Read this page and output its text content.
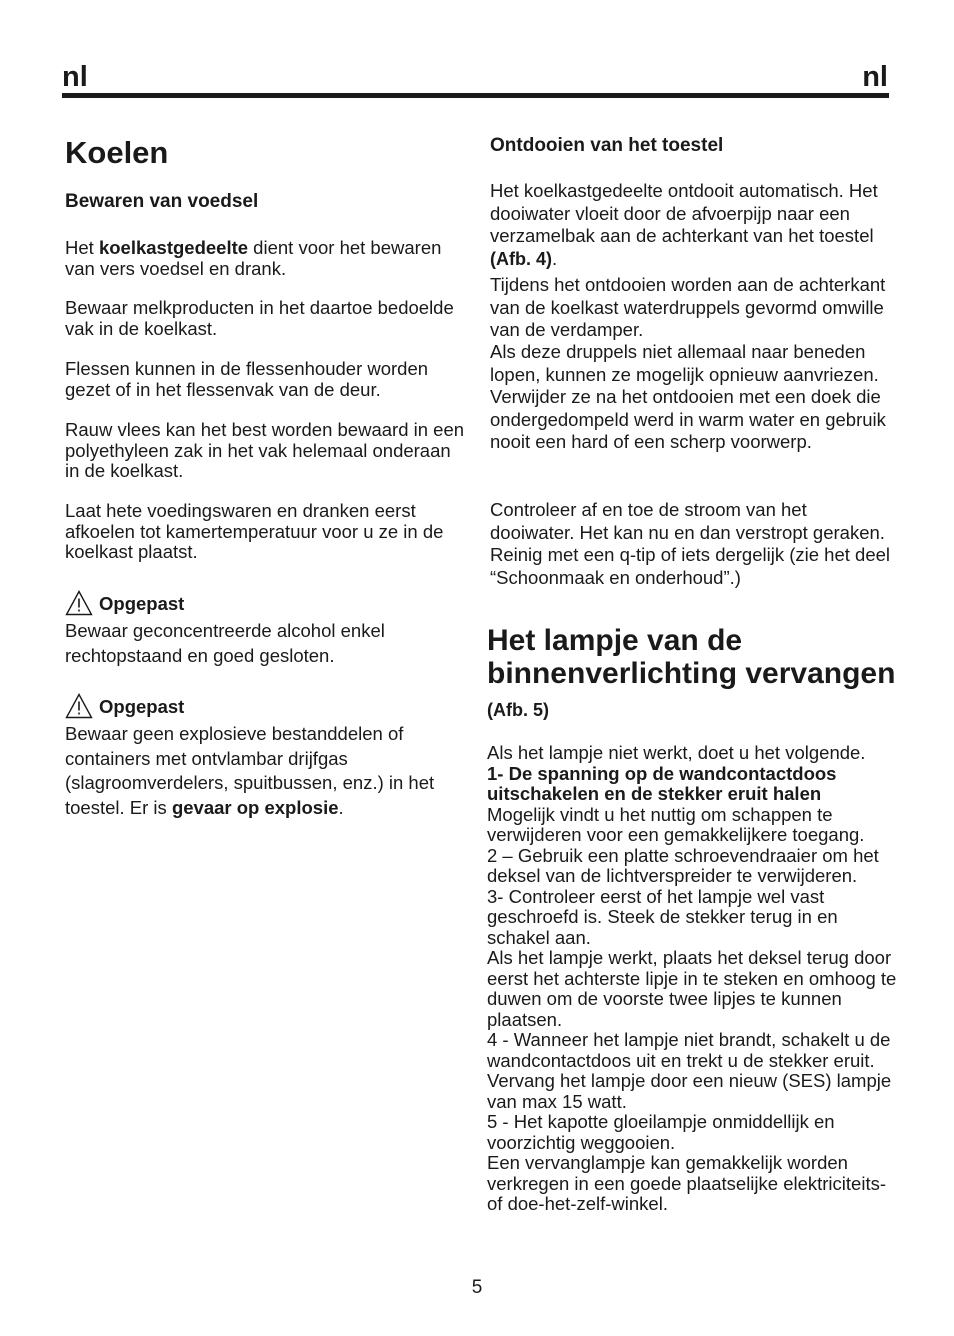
nl	nl
Koelen
Bewaren van voedsel
Het koelkastgedeelte dient voor het bewaren van vers voedsel en drank.
Bewaar melkproducten in het daartoe bedoelde vak in de koelkast.
Flessen kunnen in de flessenhouder worden gezet of in het flessenvak van de deur.
Rauw vlees kan het best worden bewaard in een polyethyleen zak in het vak helemaal onderaan in de koelkast.
Laat hete voedingswaren en dranken eerst afkoelen tot kamertemperatuur voor u ze in de koelkast plaatst.
Opgepast
Bewaar geconcentreerde alcohol enkel rechtopstaand en goed gesloten.
Opgepast
Bewaar geen explosieve bestanddelen of containers met ontvlambar drijfgas (slagroomverdelers, spuitbussen, enz.) in het toestel. Er is gevaar op explosie.
Ontdooien van het toestel
Het koelkastgedeelte ontdooit automatisch. Het dooiwater vloeit door de afvoerpijp naar een verzamelbak aan de achterkant van het toestel (Afb. 4).
Tijdens het ontdooien worden aan de achterkant van de koelkast waterdruppels gevormd omwille van de verdamper.
Als deze druppels niet allemaal naar beneden lopen, kunnen ze mogelijk opnieuw aanvriezen. Verwijder ze na het ontdooien met een doek die ondergedompeld werd in warm water en gebruik nooit een hard of een scherp voorwerp.
Controleer af en toe de stroom van het dooiwater. Het kan nu en dan verstropt geraken. Reinig met een q-tip of iets dergelijk (zie het deel “Schoonmaak en onderhoud”.)
Het lampje van de binnenverlichting vervangen (Afb. 5)
Als het lampje niet werkt, doet u het volgende.
1- De spanning op de wandcontactdoos uitschakelen en de stekker eruit halen
Mogelijk vindt u het nuttig om schappen te verwijderen voor een gemakkelijkere toegang.
2 – Gebruik een platte schroevendraaier om het deksel van de lichtverspreider te verwijderen.
3- Controleer eerst of het lampje wel vast geschroefd is. Steek de stekker terug in en schakel aan.
Als het lampje werkt, plaats het deksel terug door eerst het achterste lipje in te steken en omhoog te duwen om de voorste twee lipjes te kunnen plaatsen.
4 - Wanneer het lampje niet brandt, schakelt u de wandcontactdoos uit en trekt u de stekker eruit. Vervang het lampje door een nieuw (SES) lampje van max 15 watt.
5 - Het kapotte gloeilampje onmiddellijk en voorzichtig weggooien.
Een vervanglampje kan gemakkelijk worden verkregen in een goede plaatselijke elektriciteits- of doe-het-zelf-winkel.
5
